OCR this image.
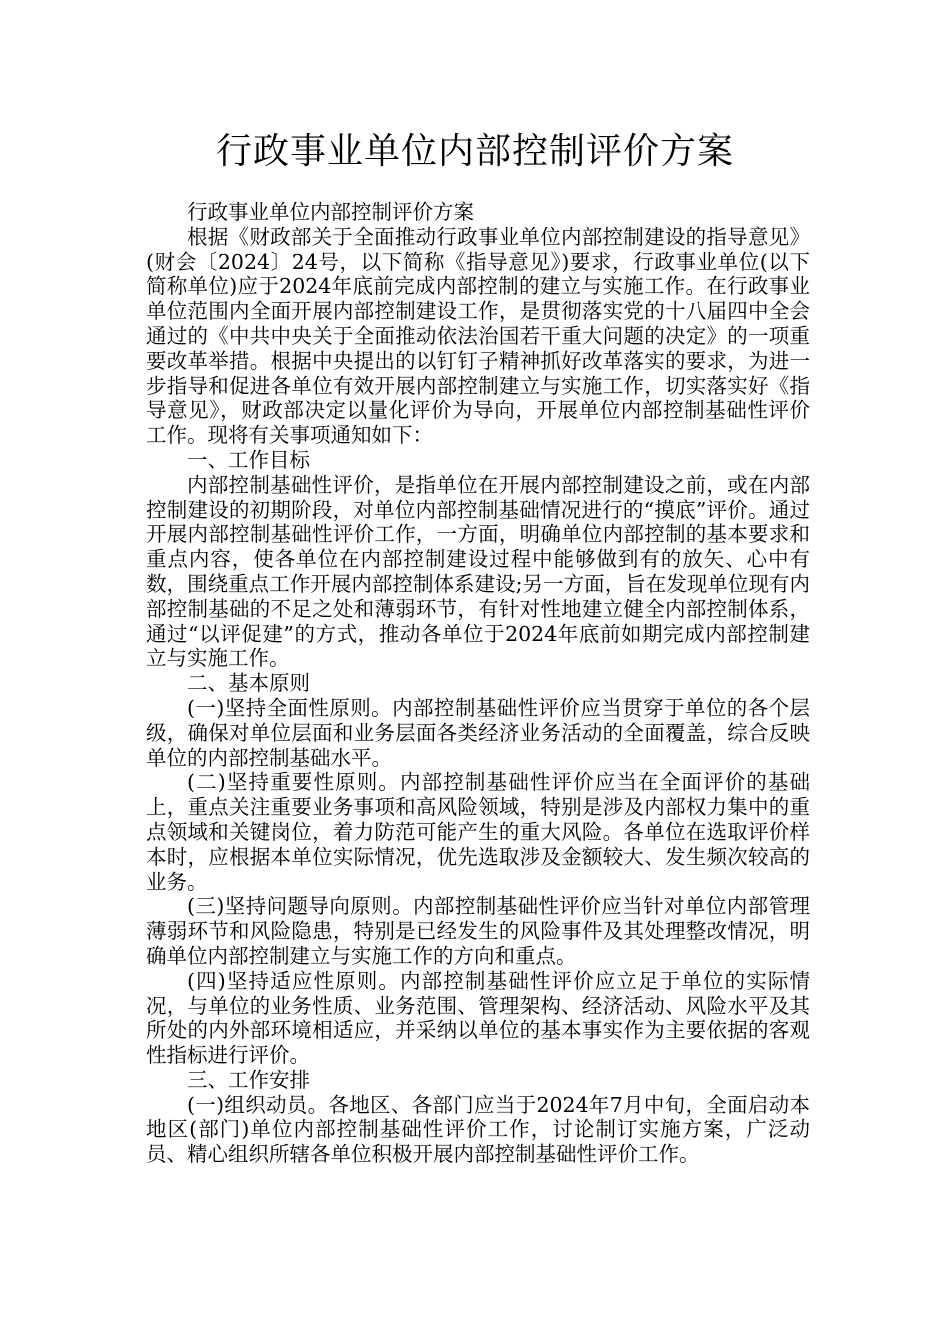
行政事业单位内部控制评价方案

行政事业单位内部控制评价方案

根据《财政部关于全面推动行政事业单位内部控制建设的指导意见》(财会〔2024〕24号，以下简称《指导意见》)要求，行政事业单位(以下简称单位)应于2024年底前完成内部控制的建立与实施工作。在行政事业单位范围内全面开展内部控制建设工作，是贯彻落实党的十八届四中全会通过的《中共中央关于全面推动依法治国若干重大问题的决定》的一项重要改革举措。根据中央提出的以钉钉子精神抓好改革落实的要求，为进一步指导和促进各单位有效开展内部控制建立与实施工作，切实落实好《指导意见》，财政部决定以量化评价为导向，开展单位内部控制基础性评价工作。现将有关事项通知如下：

一、工作目标

内部控制基础性评价，是指单位在开展内部控制建设之前，或在内部控制建设的初期阶段，对单位内部控制基础情况进行的“摸底”评价。通过开展内部控制基础性评价工作，一方面，明确单位内部控制的基本要求和重点内容，使各单位在内部控制建设过程中能够做到有的放矢、心中有数，围绕重点工作开展内部控制体系建设;另一方面，旨在发现单位现有内部控制基础的不足之处和薄弱环节，有针对性地建立健全内部控制体系，通过“以评促建”的方式，推动各单位于2024年底前如期完成内部控制建立与实施工作。

二、基本原则

(一)坚持全面性原则。内部控制基础性评价应当贯穿于单位的各个层级，确保对单位层面和业务层面各类经济业务活动的全面覆盖，综合反映单位的内部控制基础水平。

(二)坚持重要性原则。内部控制基础性评价应当在全面评价的基础上，重点关注重要业务事项和高风险领域，特别是涉及内部权力集中的重点领域和关键岗位，着力防范可能产生的重大风险。各单位在选取评价样本时，应根据本单位实际情况，优先选取涉及金额较大、发生频次较高的业务。

(三)坚持问题导向原则。内部控制基础性评价应当针对单位内部管理薄弱环节和风险隐患，特别是已经发生的风险事件及其处理整改情况，明确单位内部控制建立与实施工作的方向和重点。

(四)坚持适应性原则。内部控制基础性评价应立足于单位的实际情况，与单位的业务性质、业务范围、管理架构、经济活动、风险水平及其所处的内外部环境相适应，并采纳以单位的基本事实作为主要依据的客观性指标进行评价。

三、工作安排

(一)组织动员。各地区、各部门应当于2024年7月中旬，全面启动本地区(部门)单位内部控制基础性评价工作，讨论制订实施方案，广泛动员、精心组织所辖各单位积极开展内部控制基础性评价工作。
